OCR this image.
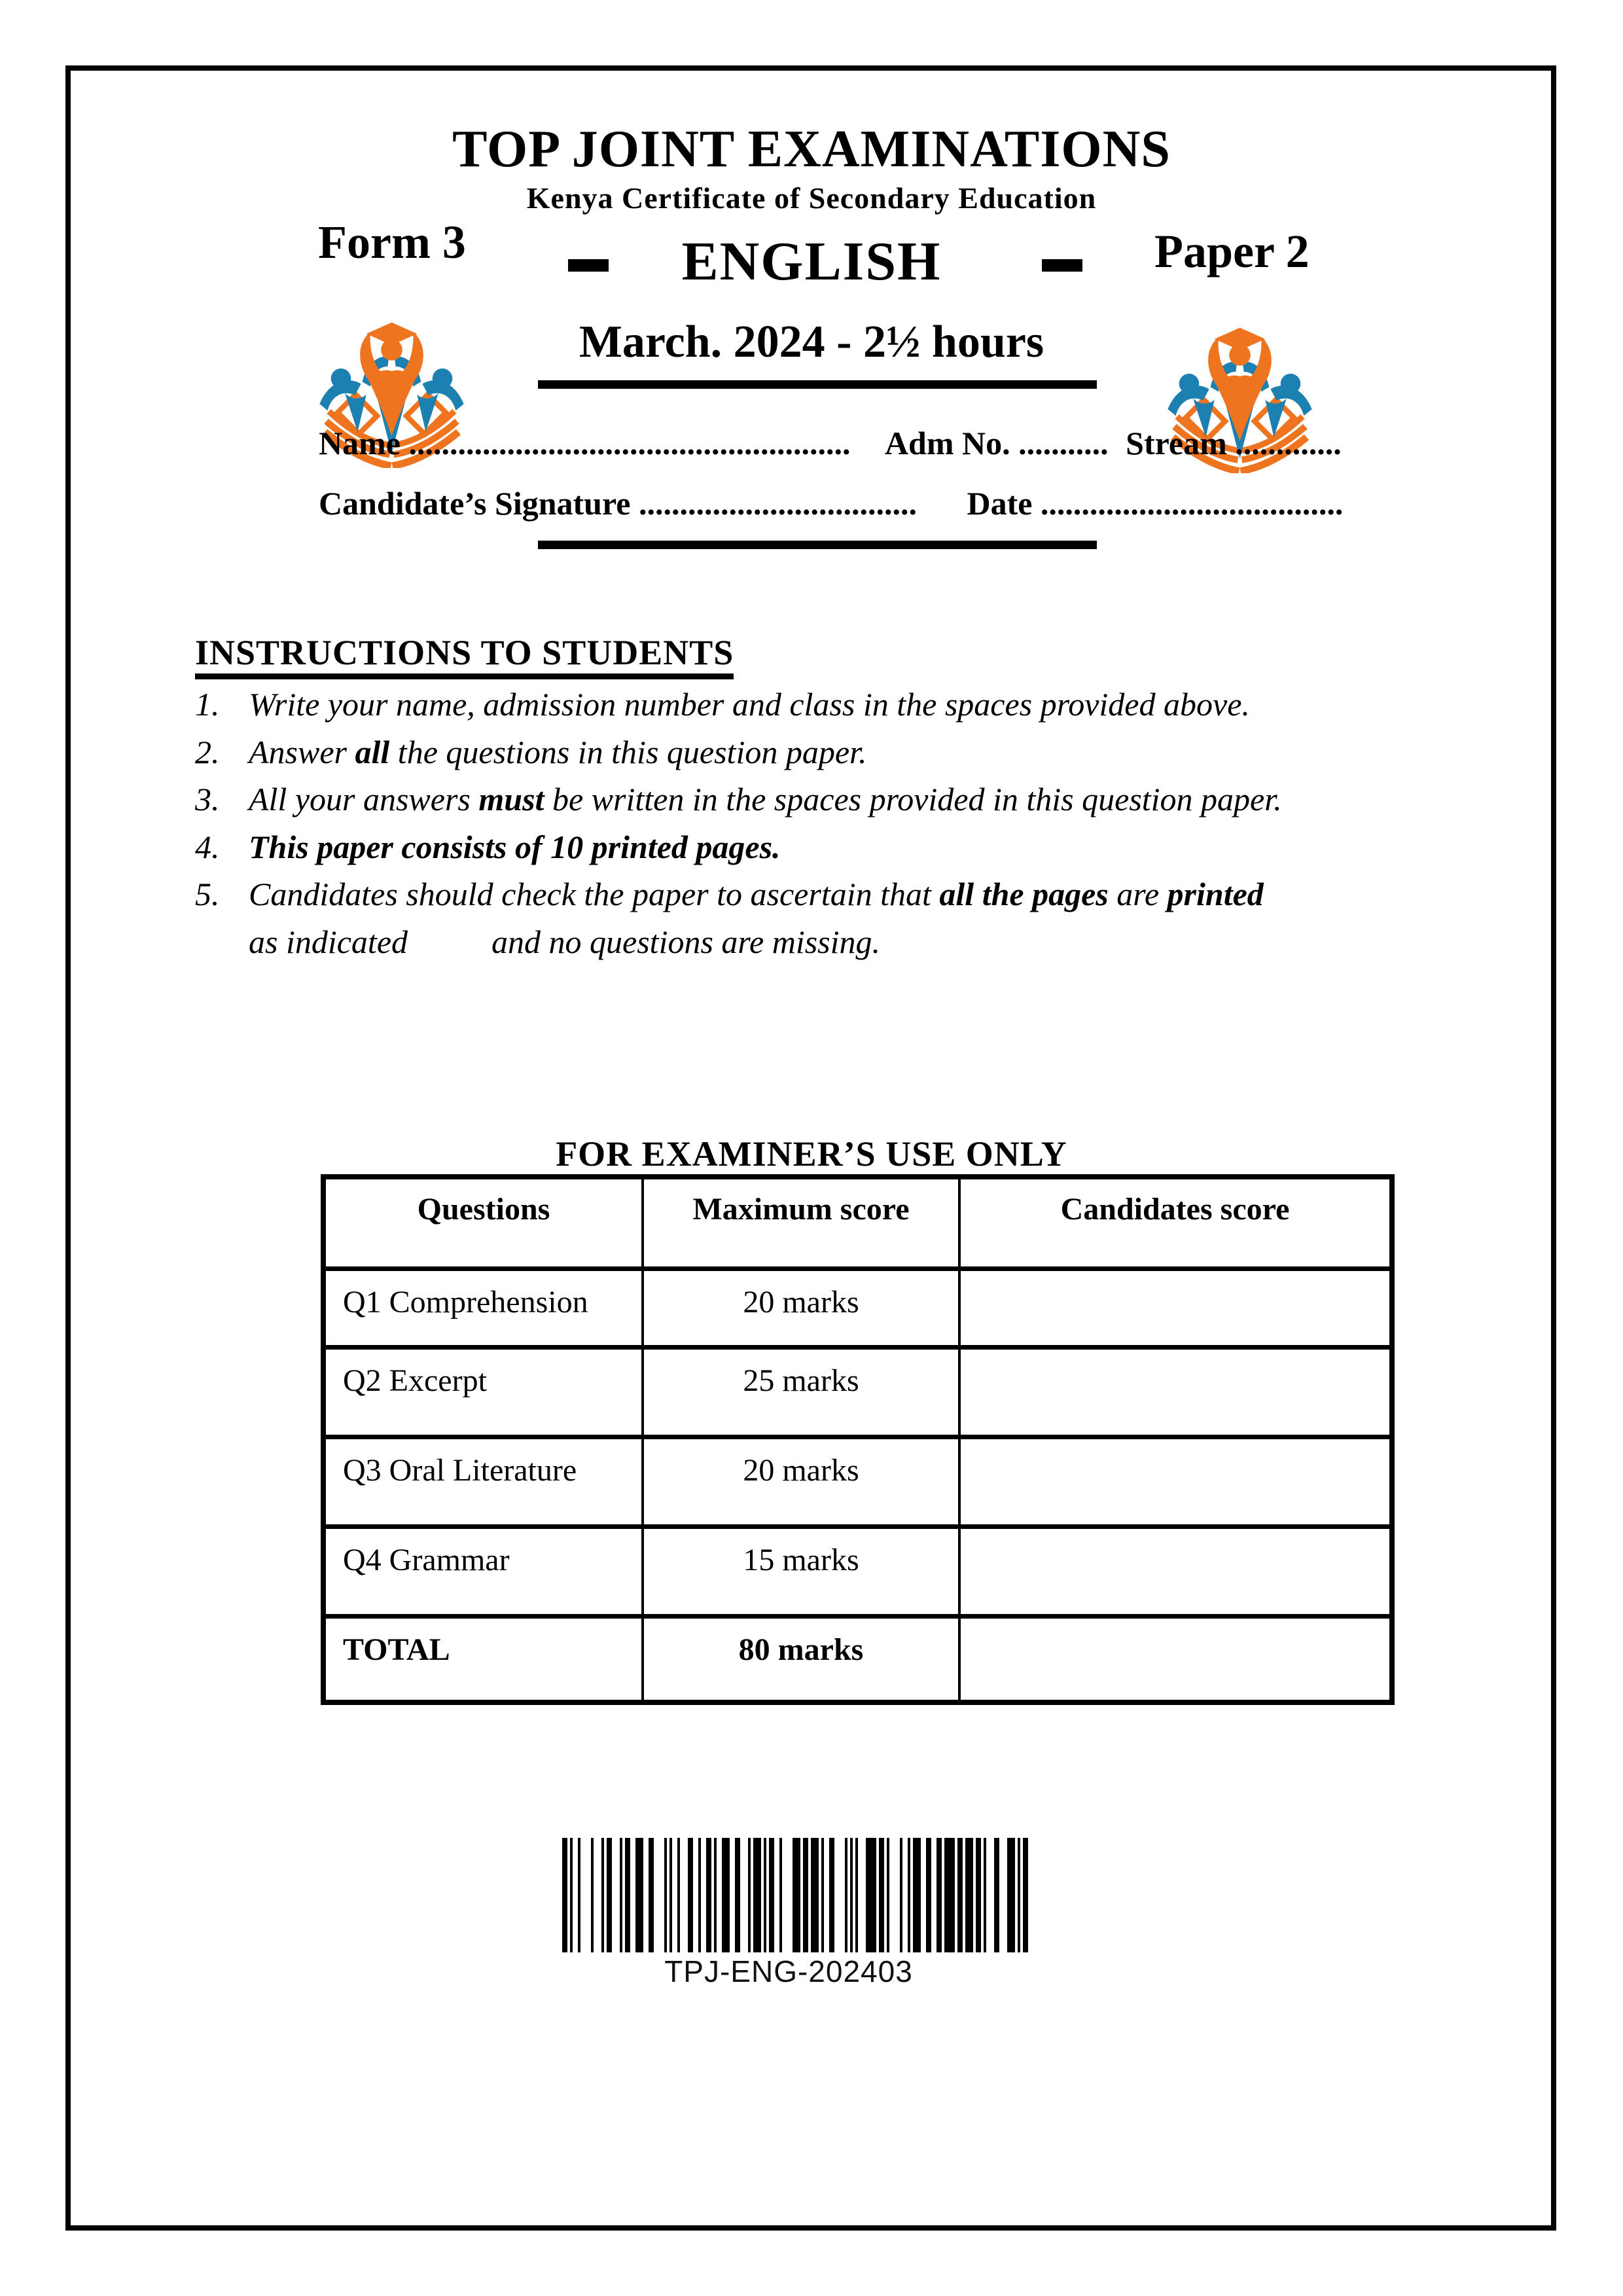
TOP JOINT EXAMINATIONS
Kenya Certificate of Secondary Education
Form 3	Paper 2
ENGLISH
March. 2024 - 2½ hours
Name ...................................................... Adm No. ........... Stream .............
Candidate’s Signature .................................. Date .....................................
INSTRUCTIONS TO STUDENTS
1. Write your name, admission number and class in the spaces provided above.
2. Answer all the questions in this question paper.
3. All your answers must be written in the spaces provided in this question paper.
4. This paper consists of 10 printed pages.
5. Candidates should check the paper to ascertain that all the pages are printed
as indicated	and no questions are missing.
FOR EXAMINER’S USE ONLY
Questions	Maximum score	Candidates score
Q1 Comprehension	20 marks
Q2 Excerpt	25 marks
Q3 Oral Literature	20 marks
Q4 Grammar	15 marks
TOTAL	80 marks
TPJ-ENG-202403
